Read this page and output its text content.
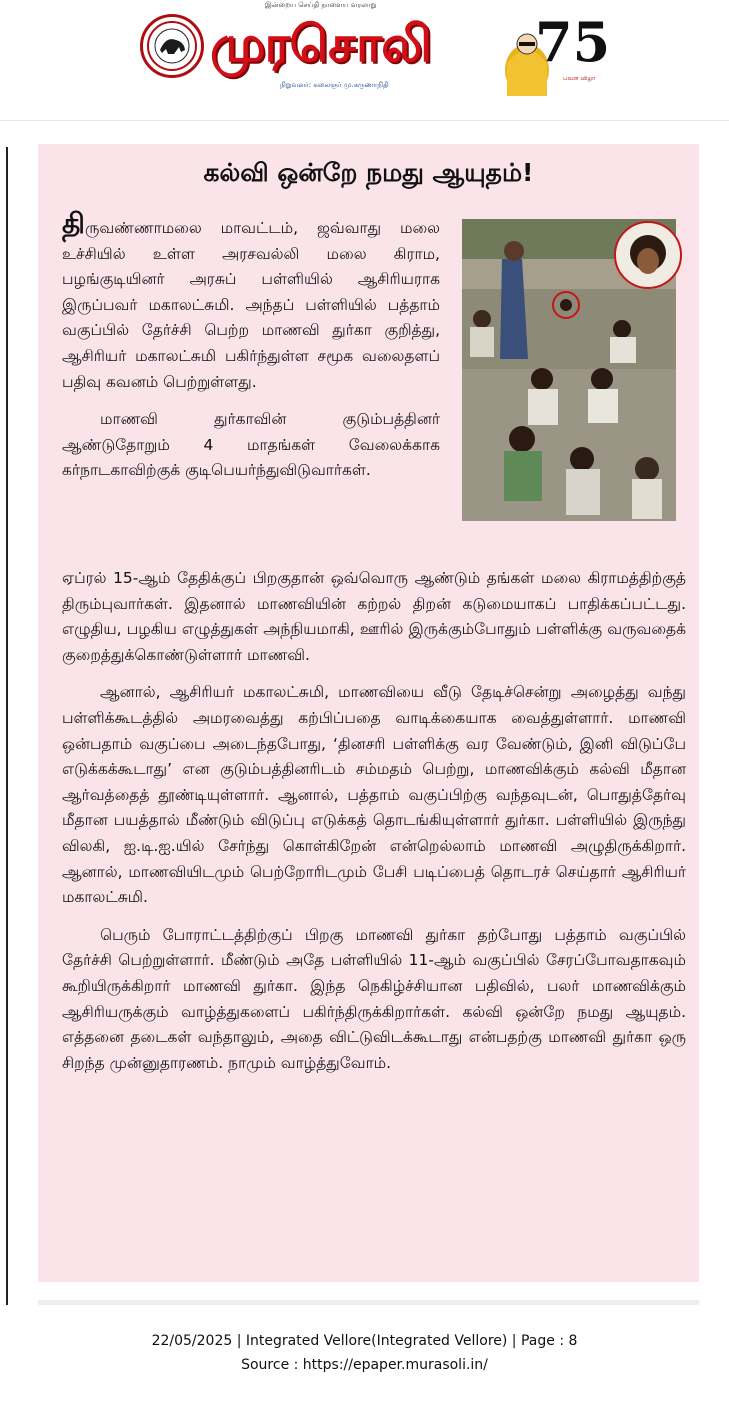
இன்றைய செய்தி நாளைய வரலாறு
முரசொலி
நிறுவனர்: கலைஞர் மு.கருணாநிதி
75
பவள விழா
கல்வி ஒன்றே நமது ஆயுதம்!

திருவண்ணாமலை மாவட்டம், ஜவ்வாது மலை உச்சியில் உள்ள அரசவல்லி மலை கிராம, பழங்குடியினர் அரசுப் பள்ளியில் ஆசிரியராக இருப்பவர் மகாலட்சுமி. அந்தப் பள்ளியில் பத்தாம் வகுப்பில் தேர்ச்சி பெற்ற மாணவி துர்கா குறித்து, ஆசிரியர் மகாலட்சுமி பகிர்ந்துள்ள சமூக வலைதளப் பதிவு கவனம் பெற்றுள்ளது.

மாணவி துர்காவின் குடும்பத்தினர் ஆண்டுதோறும் 4 மாதங்கள் வேலைக்காக கர்நாடகாவிற்குக் குடிபெயர்ந்துவிடுவார்கள்.

ஏப்ரல் 15-ஆம் தேதிக்குப் பிறகுதான் ஒவ்வொரு ஆண்டும் தங்கள் மலை கிராமத்திற்குத் திரும்புவார்கள். இதனால் மாணவியின் கற்றல் திறன் கடுமையாகப் பாதிக்கப்பட்டது. எழுதிய, பழகிய எழுத்துகள் அந்நியமாகி, ஊரில் இருக்கும்போதும் பள்ளிக்கு வருவதைக் குறைத்துக்கொண்டுள்ளார் மாணவி.

ஆனால், ஆசிரியர் மகாலட்சுமி, மாணவியை வீடு தேடிச்சென்று அழைத்து வந்து பள்ளிக்கூடத்தில் அமரவைத்து கற்பிப்பதை வாடிக்கையாக வைத்துள்ளார். மாணவி ஒன்பதாம் வகுப்பை அடைந்தபோது, ‘தினசரி பள்ளிக்கு வர வேண்டும், இனி விடுப்பே எடுக்கக்கூடாது’ என குடும்பத்தினரிடம் சம்மதம் பெற்று, மாணவிக்கும் கல்வி மீதான ஆர்வத்தைத் தூண்டியுள்ளார். ஆனால், பத்தாம் வகுப்பிற்கு வந்தவுடன், பொதுத்தேர்வு மீதான பயத்தால் மீண்டும் விடுப்பு எடுக்கத் தொடங்கியுள்ளார் துர்கா. பள்ளியில் இருந்து விலகி, ஐ.டி.ஐ.யில் சேர்ந்து கொள்கிறேன் என்றெல்லாம் மாணவி அழுதிருக்கிறார். ஆனால், மாணவியிடமும் பெற்றோரிடமும் பேசி படிப்பைத் தொடரச் செய்தார் ஆசிரியர் மகாலட்சுமி.

பெரும் போராட்டத்திற்குப் பிறகு மாணவி துர்கா தற்போது பத்தாம் வகுப்பில் தேர்ச்சி பெற்றுள்ளார். மீண்டும் அதே பள்ளியில் 11-ஆம் வகுப்பில் சேரப்போவதாகவும் கூறியிருக்கிறார் மாணவி துர்கா. இந்த நெகிழ்ச்சியான பதிவில், பலர் மாணவிக்கும் ஆசிரியருக்கும் வாழ்த்துகளைப் பகிர்ந்திருக்கிறார்கள். கல்வி ஒன்றே நமது ஆயுதம். எத்தனை தடைகள் வந்தாலும், அதை விட்டுவிடக்கூடாது என்பதற்கு மாணவி துர்கா ஒரு சிறந்த முன்னுதாரணம். நாமும் வாழ்த்துவோம்.

22/05/2025 | Integrated Vellore(Integrated Vellore) | Page : 8
Source : https://epaper.murasoli.in/
